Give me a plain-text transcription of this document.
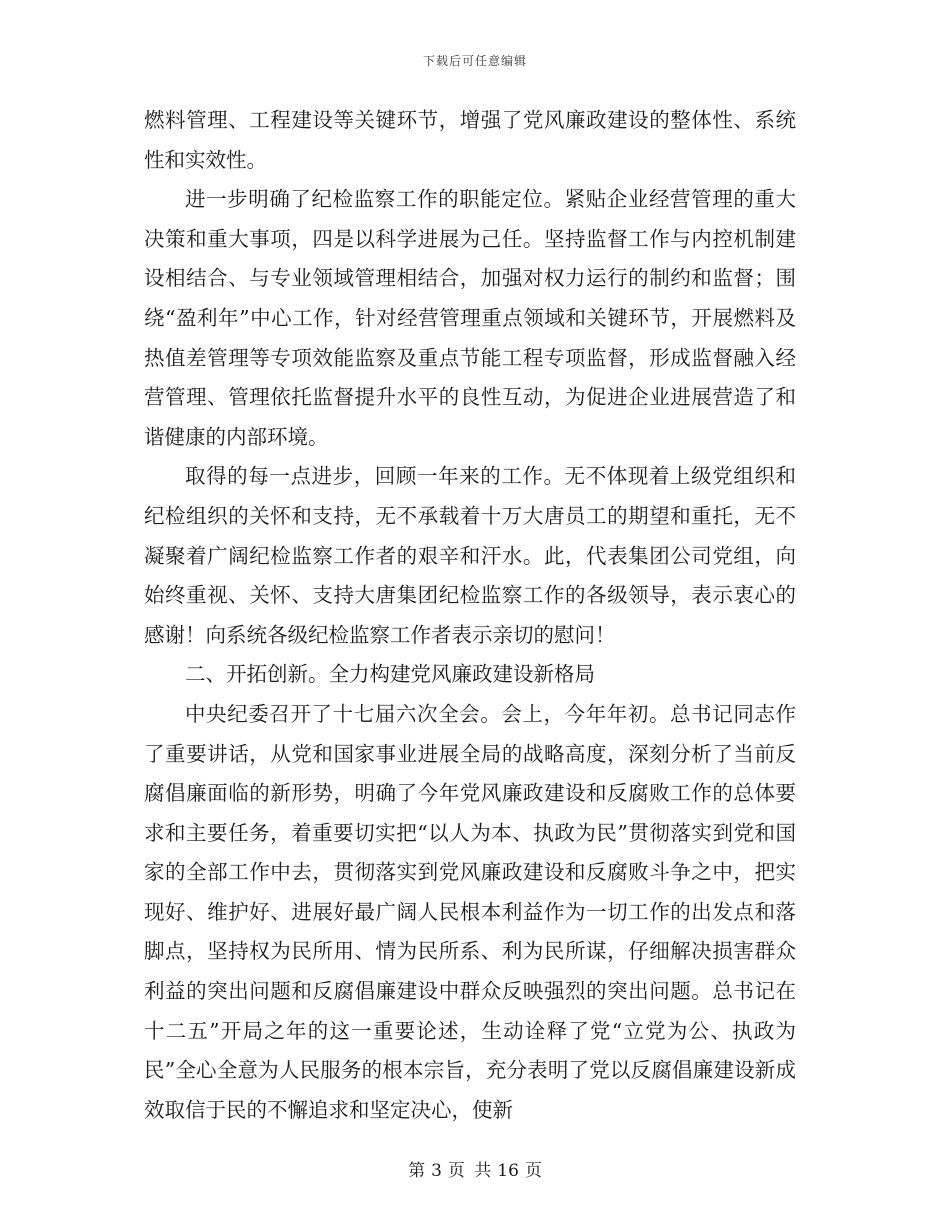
下载后可任意编辑

燃料管理、工程建设等关键环节，增强了党风廉政建设的整体性、系统性和实效性。

进一步明确了纪检监察工作的职能定位。紧贴企业经营管理的重大决策和重大事项，四是以科学进展为己任。坚持监督工作与内控机制建设相结合、与专业领域管理相结合，加强对权力运行的制约和监督；围绕“盈利年”中心工作，针对经营管理重点领域和关键环节，开展燃料及热值差管理等专项效能监察及重点节能工程专项监督，形成监督融入经营管理、管理依托监督提升水平的良性互动，为促进企业进展营造了和谐健康的内部环境。

取得的每一点进步，回顾一年来的工作。无不体现着上级党组织和纪检组织的关怀和支持，无不承载着十万大唐员工的期望和重托，无不凝聚着广阔纪检监察工作者的艰辛和汗水。此，代表集团公司党组，向始终重视、关怀、支持大唐集团纪检监察工作的各级领导，表示衷心的感谢！向系统各级纪检监察工作者表示亲切的慰问！

二、开拓创新。全力构建党风廉政建设新格局

中央纪委召开了十七届六次全会。会上，今年年初。总书记同志作了重要讲话，从党和国家事业进展全局的战略高度，深刻分析了当前反腐倡廉面临的新形势，明确了今年党风廉政建设和反腐败工作的总体要求和主要任务，着重要切实把“以人为本、执政为民”贯彻落实到党和国家的全部工作中去，贯彻落实到党风廉政建设和反腐败斗争之中，把实现好、维护好、进展好最广阔人民根本利益作为一切工作的出发点和落脚点，坚持权为民所用、情为民所系、利为民所谋，仔细解决损害群众利益的突出问题和反腐倡廉建设中群众反映强烈的突出问题。总书记在十二五”开局之年的这一重要论述，生动诠释了党“立党为公、执政为民”全心全意为人民服务的根本宗旨，充分表明了党以反腐倡廉建设新成效取信于民的不懈追求和坚定决心，使新

第 3 页 共 16 页
